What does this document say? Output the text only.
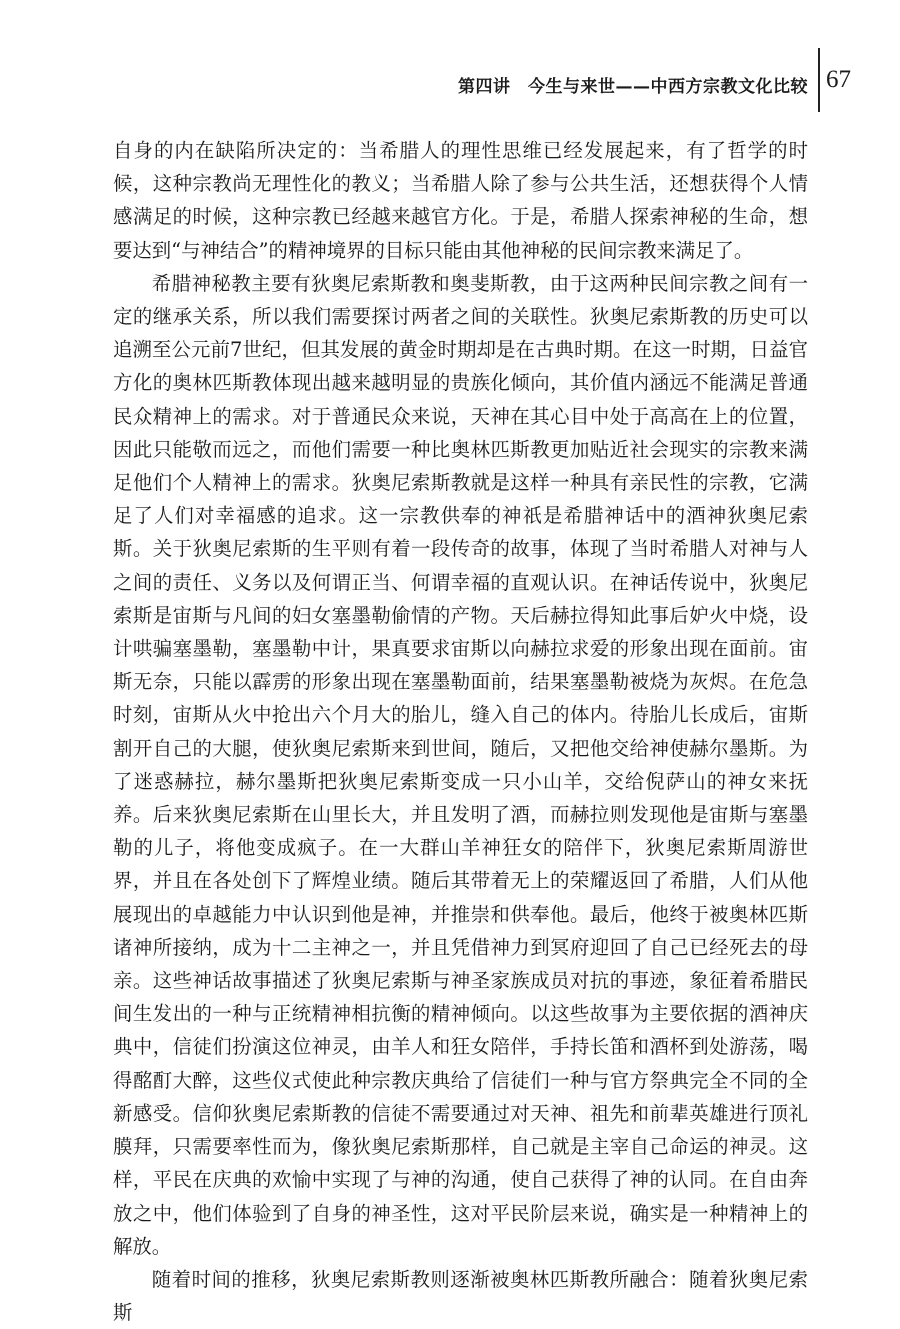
第四讲　今生与来世——中西方宗教文化比较 67

自身的内在缺陷所决定的：当希腊人的理性思维已经发展起来，有了哲学的时候，这种宗教尚无理性化的教义；当希腊人除了参与公共生活，还想获得个人情感满足的时候，这种宗教已经越来越官方化。于是，希腊人探索神秘的生命，想要达到“与神结合”的精神境界的目标只能由其他神秘的民间宗教来满足了。

希腊神秘教主要有狄奥尼索斯教和奥斐斯教，由于这两种民间宗教之间有一定的继承关系，所以我们需要探讨两者之间的关联性。狄奥尼索斯教的历史可以追溯至公元前7世纪，但其发展的黄金时期却是在古典时期。在这一时期，日益官方化的奥林匹斯教体现出越来越明显的贵族化倾向，其价值内涵远不能满足普通民众精神上的需求。对于普通民众来说，天神在其心目中处于高高在上的位置，因此只能敬而远之，而他们需要一种比奥林匹斯教更加贴近社会现实的宗教来满足他们个人精神上的需求。狄奥尼索斯教就是这样一种具有亲民性的宗教，它满足了人们对幸福感的追求。这一宗教供奉的神祇是希腊神话中的酒神狄奥尼索斯。关于狄奥尼索斯的生平则有着一段传奇的故事，体现了当时希腊人对神与人之间的责任、义务以及何谓正当、何谓幸福的直观认识。在神话传说中，狄奥尼索斯是宙斯与凡间的妇女塞墨勒偷情的产物。天后赫拉得知此事后妒火中烧，设计哄骗塞墨勒，塞墨勒中计，果真要求宙斯以向赫拉求爱的形象出现在面前。宙斯无奈，只能以霹雳的形象出现在塞墨勒面前，结果塞墨勒被烧为灰烬。在危急时刻，宙斯从火中抢出六个月大的胎儿，缝入自己的体内。待胎儿长成后，宙斯割开自己的大腿，使狄奥尼索斯来到世间，随后，又把他交给神使赫尔墨斯。为了迷惑赫拉，赫尔墨斯把狄奥尼索斯变成一只小山羊，交给倪萨山的神女来抚养。后来狄奥尼索斯在山里长大，并且发明了酒，而赫拉则发现他是宙斯与塞墨勒的儿子，将他变成疯子。在一大群山羊神狂女的陪伴下，狄奥尼索斯周游世界，并且在各处创下了辉煌业绩。随后其带着无上的荣耀返回了希腊，人们从他展现出的卓越能力中认识到他是神，并推崇和供奉他。最后，他终于被奥林匹斯诸神所接纳，成为十二主神之一，并且凭借神力到冥府迎回了自己已经死去的母亲。这些神话故事描述了狄奥尼索斯与神圣家族成员对抗的事迹，象征着希腊民间生发出的一种与正统精神相抗衡的精神倾向。以这些故事为主要依据的酒神庆典中，信徒们扮演这位神灵，由羊人和狂女陪伴，手持长笛和酒杯到处游荡，喝得酩酊大醉，这些仪式使此种宗教庆典给了信徒们一种与官方祭典完全不同的全新感受。信仰狄奥尼索斯教的信徒不需要通过对天神、祖先和前辈英雄进行顶礼膜拜，只需要率性而为，像狄奥尼索斯那样，自己就是主宰自己命运的神灵。这样，平民在庆典的欢愉中实现了与神的沟通，使自己获得了神的认同。在自由奔放之中，他们体验到了自身的神圣性，这对平民阶层来说，确实是一种精神上的解放。

随着时间的推移，狄奥尼索斯教则逐渐被奥林匹斯教所融合：随着狄奥尼索斯
